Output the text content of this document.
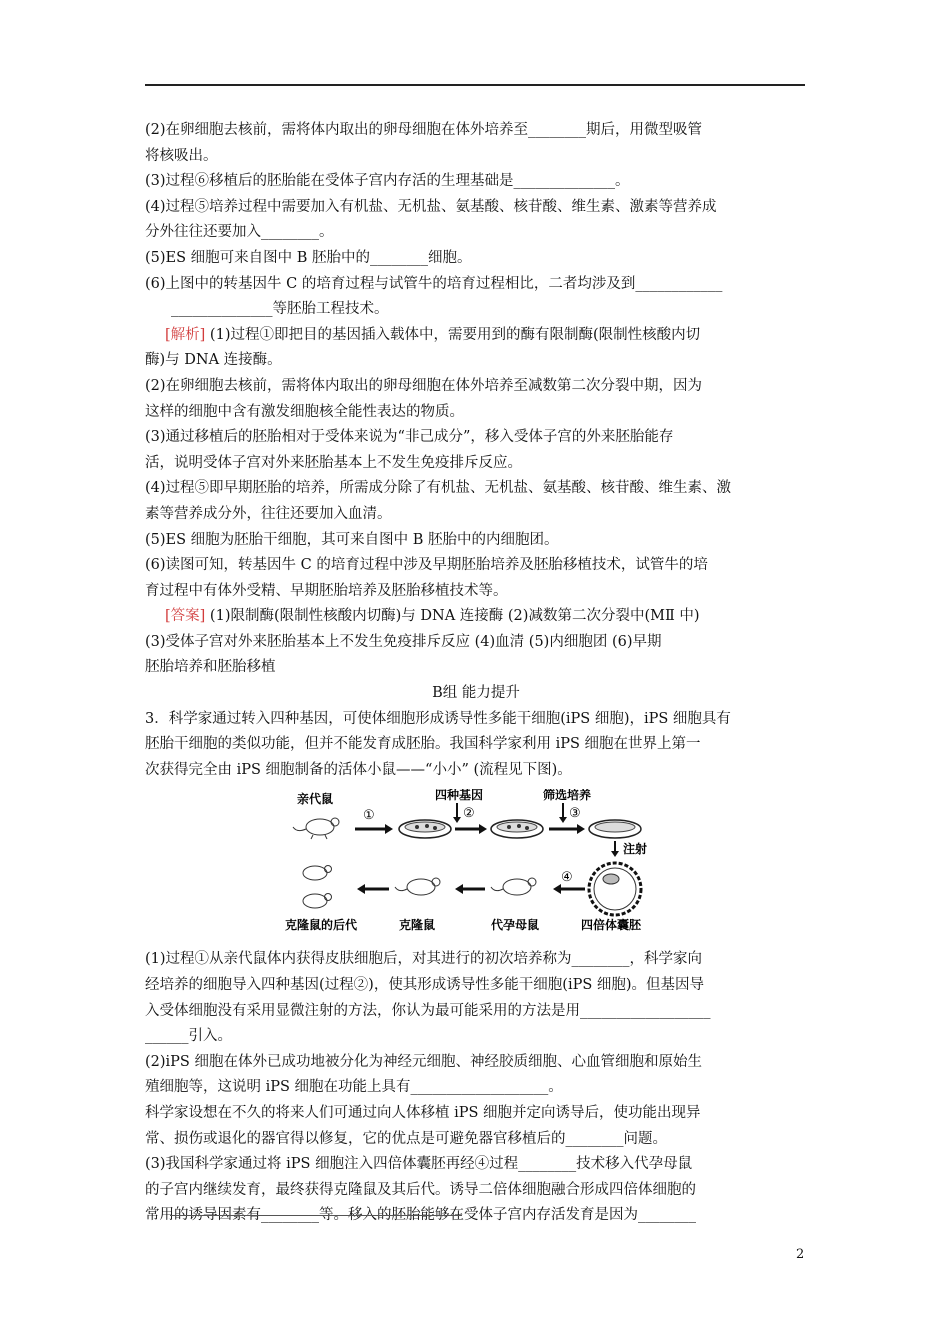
(2)在卵细胞去核前，需将体内取出的卵母细胞在体外培养至________期后，用微型吸管

将核吸出。

(3)过程⑥移植后的胚胎能在受体子宫内存活的生理基础是______________。

(4)过程⑤培养过程中需要加入有机盐、无机盐、氨基酸、核苷酸、维生素、激素等营养成

分外往往还要加入________。

(5)ES 细胞可来自图中 B 胚胎中的________细胞。

(6)上图中的转基因牛 C 的培育过程与试管牛的培育过程相比，二者均涉及到____________

______________等胚胎工程技术。

[解析] (1)过程①即把目的基因插入载体中，需要用到的酶有限制酶(限制性核酸内切

酶)与 DNA 连接酶。

(2)在卵细胞去核前，需将体内取出的卵母细胞在体外培养至减数第二次分裂中期，因为

这样的细胞中含有激发细胞核全能性表达的物质。

(3)通过移植后的胚胎相对于受体来说为“非己成分”，移入受体子宫的外来胚胎能存

活，说明受体子宫对外来胚胎基本上不发生免疫排斥反应。

(4)过程⑤即早期胚胎的培养，所需成分除了有机盐、无机盐、氨基酸、核苷酸、维生素、激

素等营养成分外，往往还要加入血清。

(5)ES 细胞为胚胎干细胞，其可来自图中 B 胚胎中的内细胞团。

(6)读图可知，转基因牛 C 的培育过程中涉及早期胚胎培养及胚胎移植技术，试管牛的培

育过程中有体外受精、早期胚胎培养及胚胎移植技术等。

[答案] (1)限制酶(限制性核酸内切酶)与 DNA 连接酶 (2)减数第二次分裂中(MⅡ 中)

(3)受体子宫对外来胚胎基本上不发生免疫排斥反应 (4)血清 (5)内细胞团 (6)早期

胚胎培养和胚胎移植

B组 能力提升

3．科学家通过转入四种基因，可使体细胞形成诱导性多能干细胞(iPS 细胞)，iPS 细胞具有

胚胎干细胞的类似功能，但并不能发育成胚胎。我国科学家利用 iPS 细胞在世界上第一

次获得完全由 iPS 细胞制备的活体小鼠——“小小” (流程见下图)。

亲代鼠	四种基因	筛选培养
①	②	③
注射
④
克隆鼠的后代	克隆鼠	代孕母鼠	四倍体囊胚

(1)过程①从亲代鼠体内获得皮肤细胞后，对其进行的初次培养称为________，科学家向

经培养的细胞导入四种基因(过程②)，使其形成诱导性多能干细胞(iPS 细胞)。但基因导

入受体细胞没有采用显微注射的方法，你认为最可能采用的方法是用__________________

______引入。

(2)iPS 细胞在体外已成功地被分化为神经元细胞、神经胶质细胞、心血管细胞和原始生

殖细胞等，这说明 iPS 细胞在功能上具有___________________。

科学家设想在不久的将来人们可通过向人体移植 iPS 细胞并定向诱导后，使功能出现异

常、损伤或退化的器官得以修复，它的优点是可避免器官移植后的________问题。

(3)我国科学家通过将 iPS 细胞注入四倍体囊胚再经④过程________技术移入代孕母鼠

的子宫内继续发育，最终获得克隆鼠及其后代。诱导二倍体细胞融合形成四倍体细胞的

常用的诱导因素有________等。移入的胚胎能够在受体子宫内存活发育是因为________

2
